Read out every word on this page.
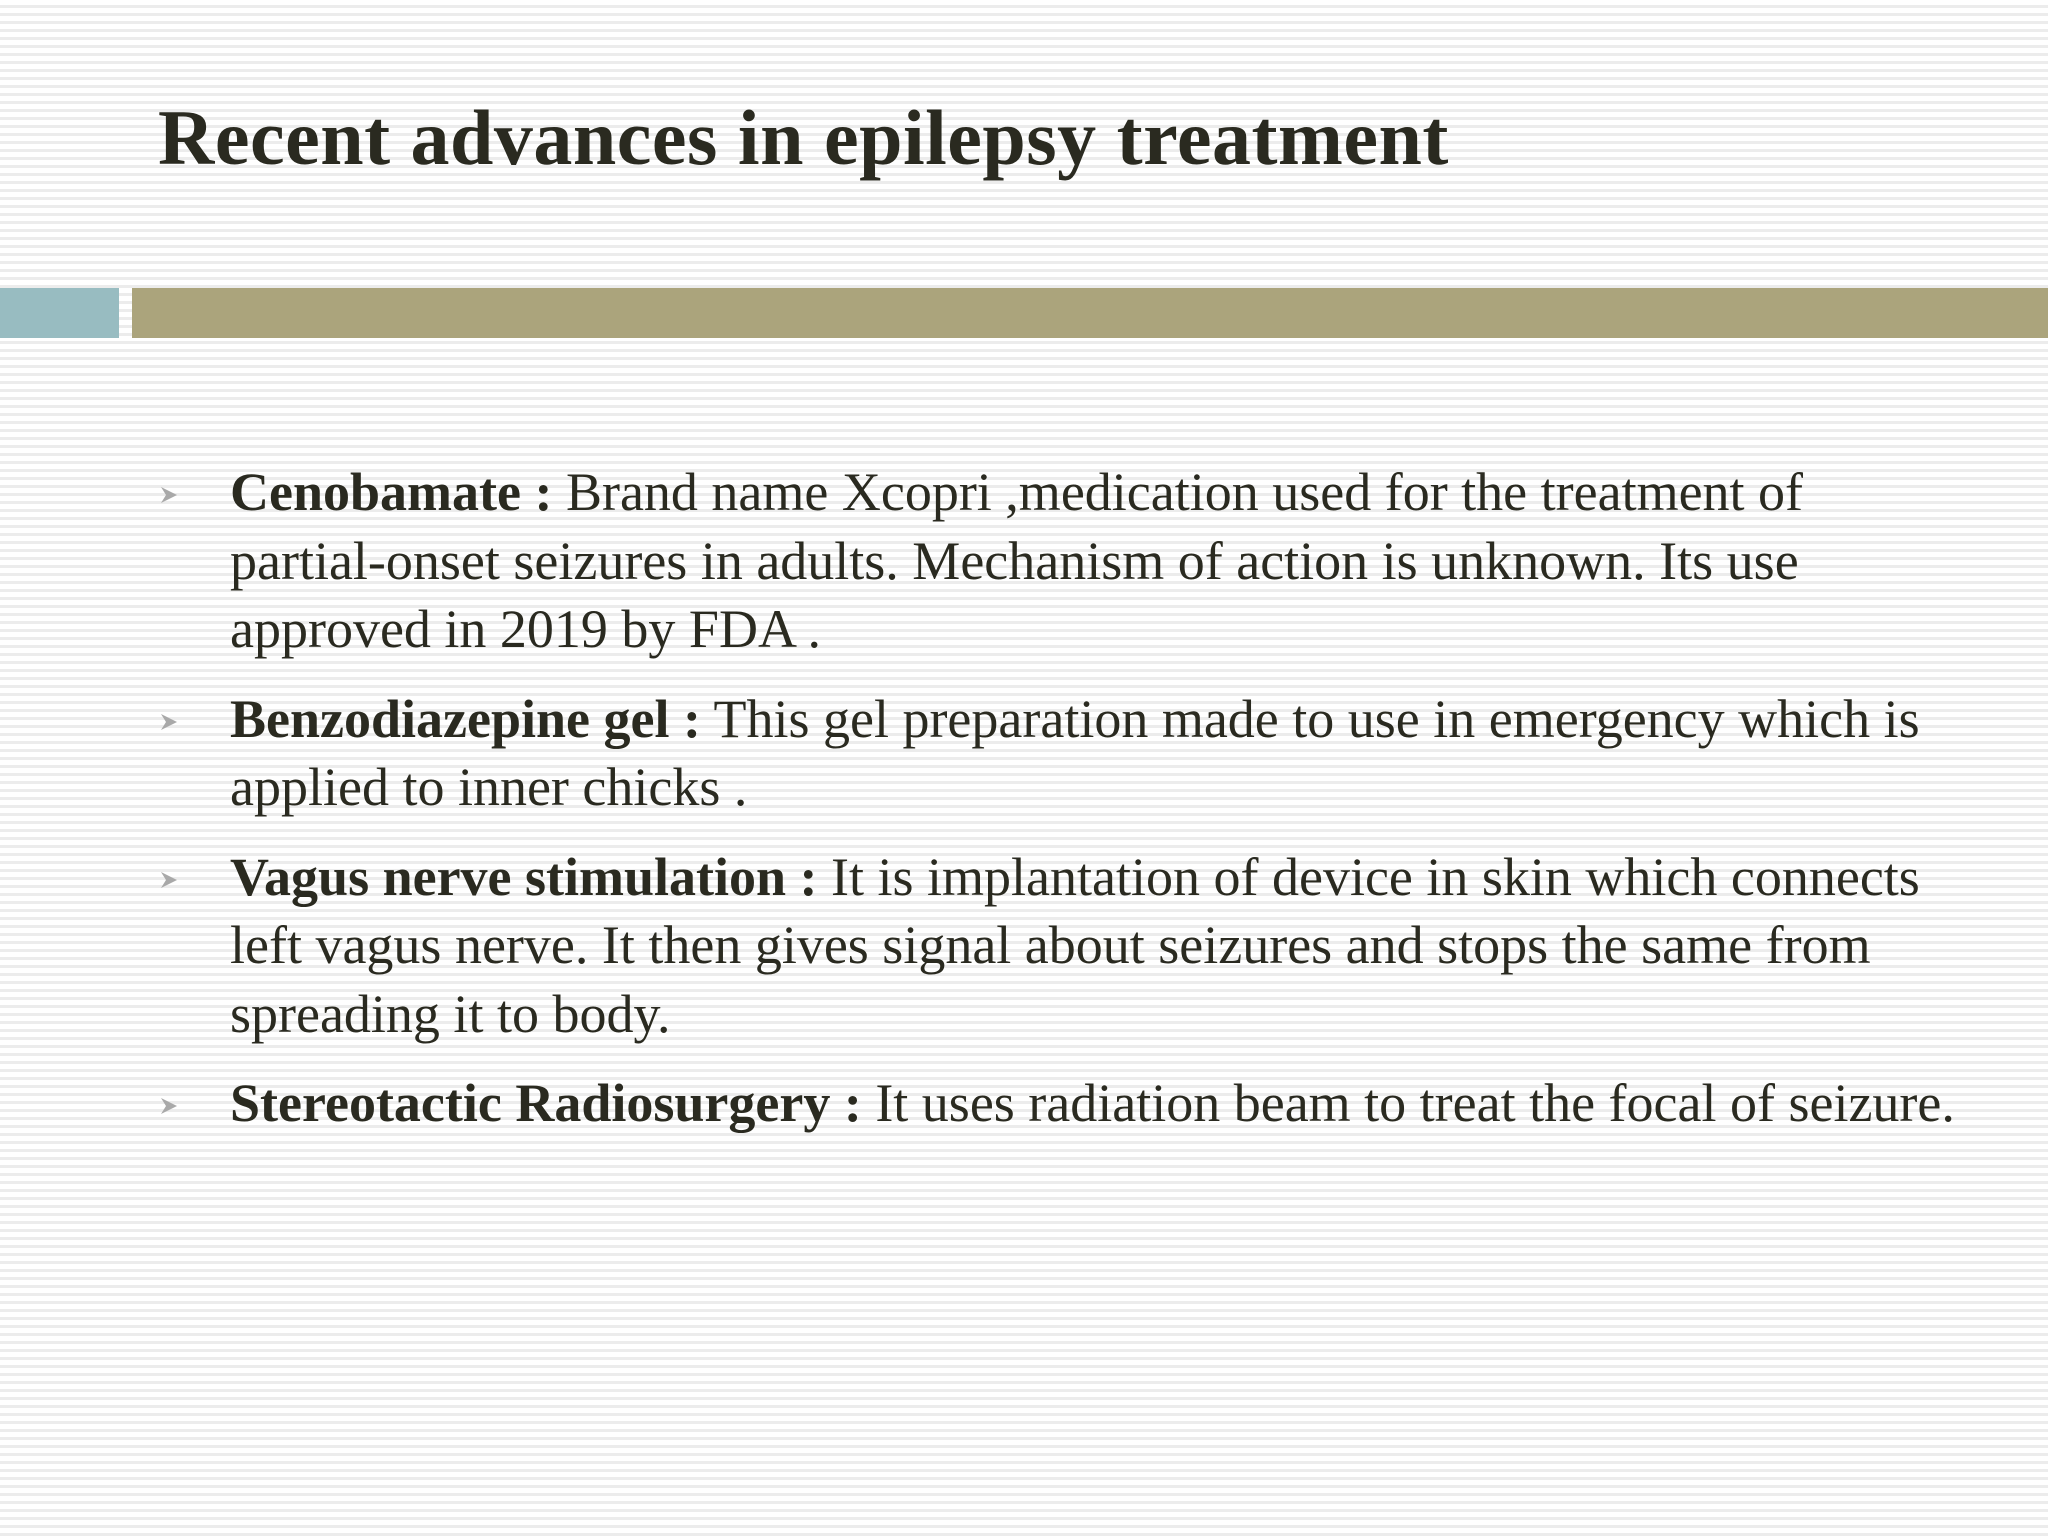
Recent advances in epilepsy treatment
Cenobamate : Brand name Xcopri ,medication used for the treatment of partial-onset seizures in adults. Mechanism of action is unknown. Its use approved in 2019 by FDA .
Benzodiazepine gel : This gel preparation made to use in emergency which is applied to inner chicks .
Vagus nerve stimulation : It is implantation of device in skin which connects left vagus nerve. It then gives signal about seizures and stops the same from spreading it to body.
Stereotactic Radiosurgery : It uses radiation beam to treat the focal of seizure.
